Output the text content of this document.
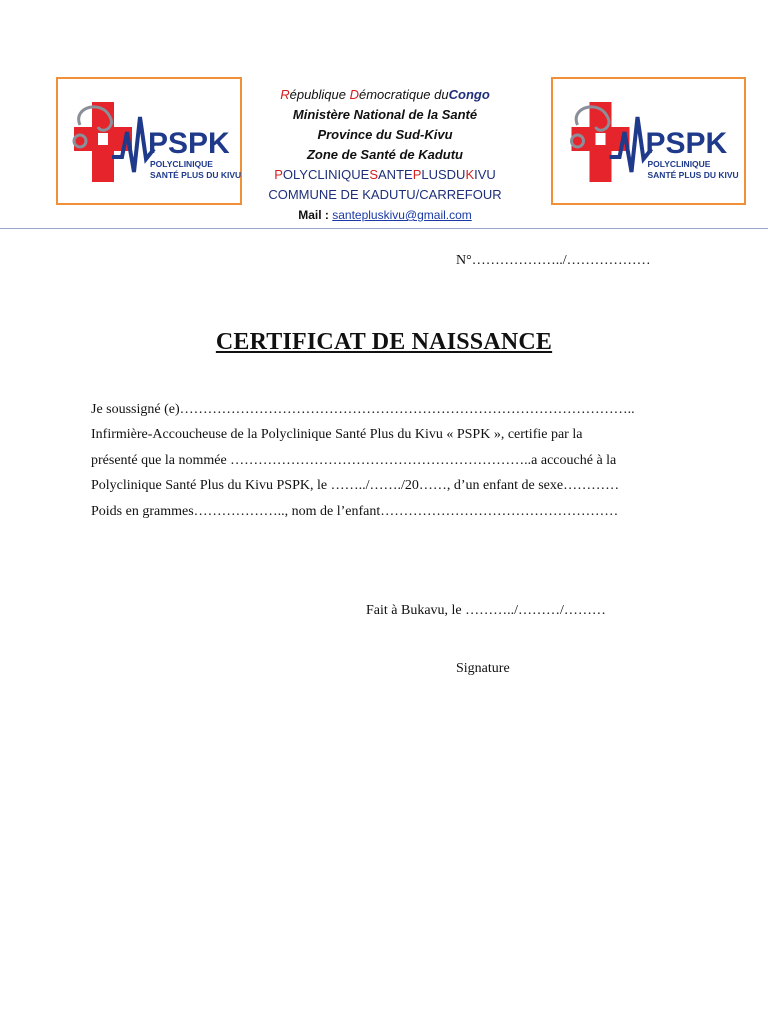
PSPK
POLYCLINIQUE
SANTÉ PLUS DU KIVU
PSPK
POLYCLINIQUE
SANTÉ PLUS DU KIVU
République Démocratique duCongo
Ministère National de la Santé
Province du Sud-Kivu
Zone de Santé de Kadutu
POLYCLINIQUESANTEPLUSDUKIVU
COMMUNE DE KADUTU/CARREFOUR
Mail : santepluskivu@gmail.com
N°………………../………………
CERTIFICAT DE NAISSANCE
Je soussigné (e)……………………………………………………………………………………..
Infirmière-Accoucheuse de la Polyclinique Santé Plus du Kivu « PSPK », certifie par la
présenté que la nommée ………………………………………………………..a accouché à la
Polyclinique Santé Plus du Kivu PSPK, le ……../……./20……, d’un enfant de sexe…………
Poids en grammes……………….., nom de l’enfant……………………………………………
Fait à Bukavu, le ………../………/………
Signature
